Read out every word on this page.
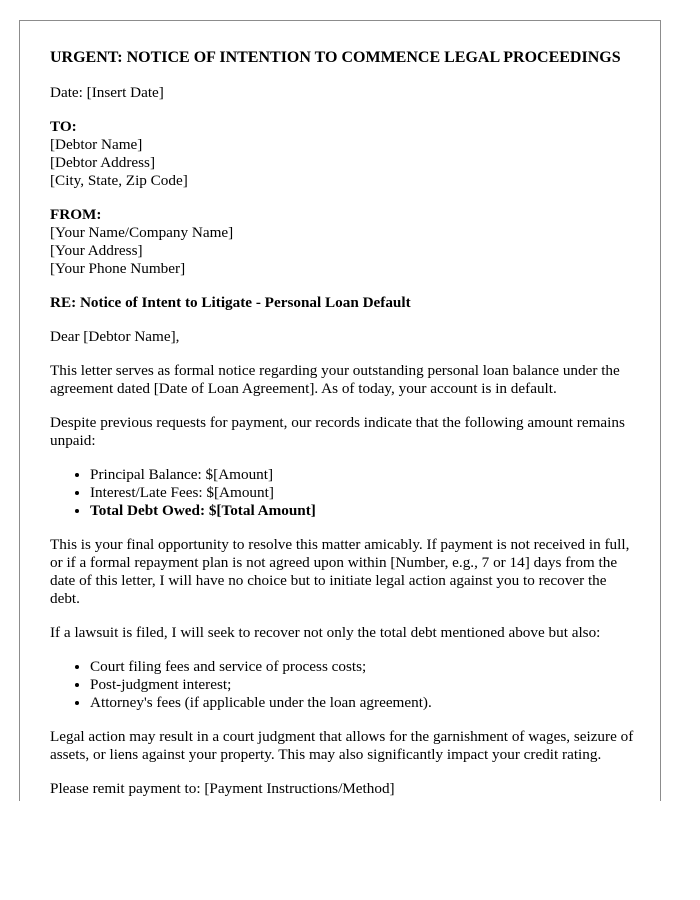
URGENT: NOTICE OF INTENTION TO COMMENCE LEGAL PROCEEDINGS
Date: [Insert Date]
TO:
[Debtor Name]
[Debtor Address]
[City, State, Zip Code]
FROM:
[Your Name/Company Name]
[Your Address]
[Your Phone Number]
RE: Notice of Intent to Litigate - Personal Loan Default
Dear [Debtor Name],
This letter serves as formal notice regarding your outstanding personal loan balance under the agreement dated [Date of Loan Agreement]. As of today, your account is in default.
Despite previous requests for payment, our records indicate that the following amount remains unpaid:
• Principal Balance: $[Amount]
• Interest/Late Fees: $[Amount]
• Total Debt Owed: $[Total Amount]
This is your final opportunity to resolve this matter amicably. If payment is not received in full, or if a formal repayment plan is not agreed upon within [Number, e.g., 7 or 14] days from the date of this letter, I will have no choice but to initiate legal action against you to recover the debt.
If a lawsuit is filed, I will seek to recover not only the total debt mentioned above but also:
• Court filing fees and service of process costs;
• Post-judgment interest;
• Attorney's fees (if applicable under the loan agreement).
Legal action may result in a court judgment that allows for the garnishment of wages, seizure of assets, or liens against your property. This may also significantly impact your credit rating.
Please remit payment to: [Payment Instructions/Method]
